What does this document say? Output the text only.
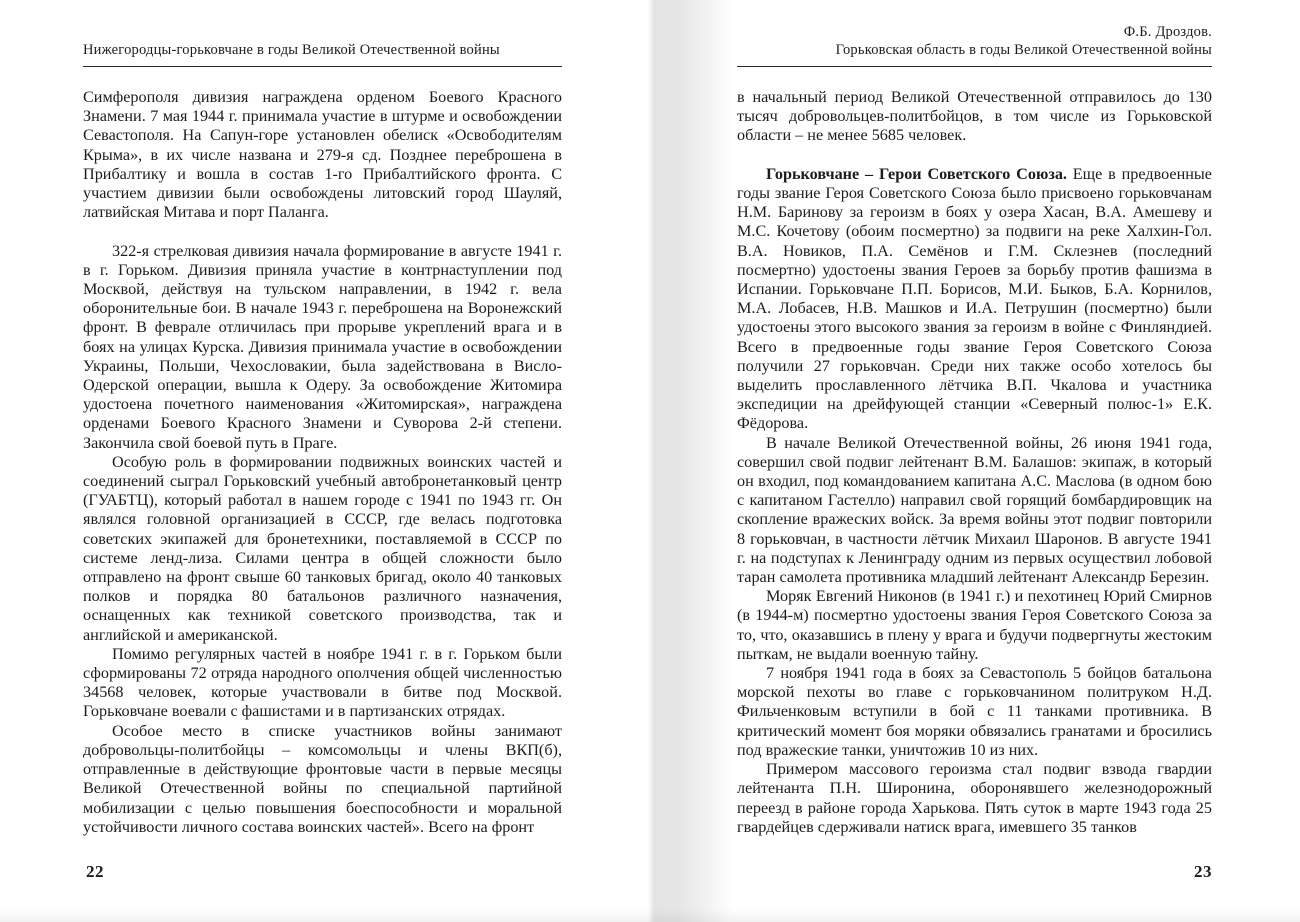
Нижегородцы-горьковчане в годы Великой Отечественной войны

Симферополя дивизия награждена орденом Боевого Красного Знамени. 7 мая 1944 г. принимала участие в штурме и освобождении Севастополя. На Сапун-горе установлен обелиск «Освободителям Крыма», в их числе названа и 279-я сд. Позднее переброшена в Прибалтику и вошла в состав 1-го Прибалтийского фронта. С участием дивизии были освобождены литовский город Шауляй, латвийская Митава и порт Паланга.

322-я стрелковая дивизия начала формирование в августе 1941 г. в г. Горьком. Дивизия приняла участие в контрнаступлении под Москвой, действуя на тульском направлении, в 1942 г. вела оборонительные бои. В начале 1943 г. переброшена на Воронежский фронт. В феврале отличилась при прорыве укреплений врага и в боях на улицах Курска. Дивизия принимала участие в освобождении Украины, Польши, Чехословакии, была задействована в Висло-Одерской операции, вышла к Одеру. За освобождение Житомира удостоена почетного наименования «Житомирская», награждена орденами Боевого Красного Знамени и Суворова 2-й степени. Закончила свой боевой путь в Праге.

Особую роль в формировании подвижных воинских частей и соединений сыграл Горьковский учебный автобронетанковый центр (ГУАБТЦ), который работал в нашем городе с 1941 по 1943 гг. Он являлся головной организацией в СССР, где велась подготовка советских экипажей для бронетехники, поставляемой в СССР по системе ленд-лиза. Силами центра в общей сложности было отправлено на фронт свыше 60 танковых бригад, около 40 танковых полков и порядка 80 батальонов различного назначения, оснащенных как техникой советского производства, так и английской и американской.

Помимо регулярных частей в ноябре 1941 г. в г. Горьком были сформированы 72 отряда народного ополчения общей численностью 34568 человек, которые участвовали в битве под Москвой. Горьковчане воевали с фашистами и в партизанских отрядах.

Особое место в списке участников войны занимают добровольцы-политбойцы – комсомольцы и члены ВКП(б), отправленные в действующие фронтовые части в первые месяцы Великой Отечественной войны по специальной партийной мобилизации с целью повышения боеспособности и моральной устойчивости личного состава воинских частей». Всего на фронт

22
Ф.Б. Дроздов.
Горьковская область в годы Великой Отечественной войны

в начальный период Великой Отечественной отправилось до 130 тысяч добровольцев-политбойцов, в том числе из Горьковской области – не менее 5685 человек.

Горьковчане – Герои Советского Союза. Еще в предвоенные годы звание Героя Советского Союза было присвоено горьковчанам Н.М. Баринову за героизм в боях у озера Хасан, В.А. Амешеву и М.С. Кочетову (обоим посмертно) за подвиги на реке Халхин-Гол. В.А. Новиков, П.А. Семёнов и Г.М. Склезнев (последний посмертно) удостоены звания Героев за борьбу против фашизма в Испании. Горьковчане П.П. Борисов, М.И. Быков, Б.А. Корнилов, М.А. Лобасев, Н.В. Машков и И.А. Петрушин (посмертно) были удостоены этого высокого звания за героизм в войне с Финляндией. Всего в предвоенные годы звание Героя Советского Союза получили 27 горьковчан. Среди них также особо хотелось бы выделить прославленного лётчика В.П. Чкалова и участника экспедиции на дрейфующей станции «Северный полюс-1» Е.К. Фёдорова.

В начале Великой Отечественной войны, 26 июня 1941 года, совершил свой подвиг лейтенант В.М. Балашов: экипаж, в который он входил, под командованием капитана А.С. Маслова (в одном бою с капитаном Гастелло) направил свой горящий бомбардировщик на скопление вражеских войск. За время войны этот подвиг повторили 8 горьковчан, в частности лётчик Михаил Шаронов. В августе 1941 г. на подступах к Ленинграду одним из первых осуществил лобовой таран самолета противника младший лейтенант Александр Березин.

Моряк Евгений Никонов (в 1941 г.) и пехотинец Юрий Смирнов (в 1944-м) посмертно удостоены звания Героя Советского Союза за то, что, оказавшись в плену у врага и будучи подвергнуты жестоким пыткам, не выдали военную тайну.

7 ноября 1941 года в боях за Севастополь 5 бойцов батальона морской пехоты во главе с горьковчанином политруком Н.Д. Фильченковым вступили в бой с 11 танками противника. В критический момент боя моряки обвязались гранатами и бросились под вражеские танки, уничтожив 10 из них.

Примером массового героизма стал подвиг взвода гвардии лейтенанта П.Н. Широнина, оборонявшего железнодорожный переезд в районе города Харькова. Пять суток в марте 1943 года 25 гвардейцев сдерживали натиск врага, имевшего 35 танков

23
